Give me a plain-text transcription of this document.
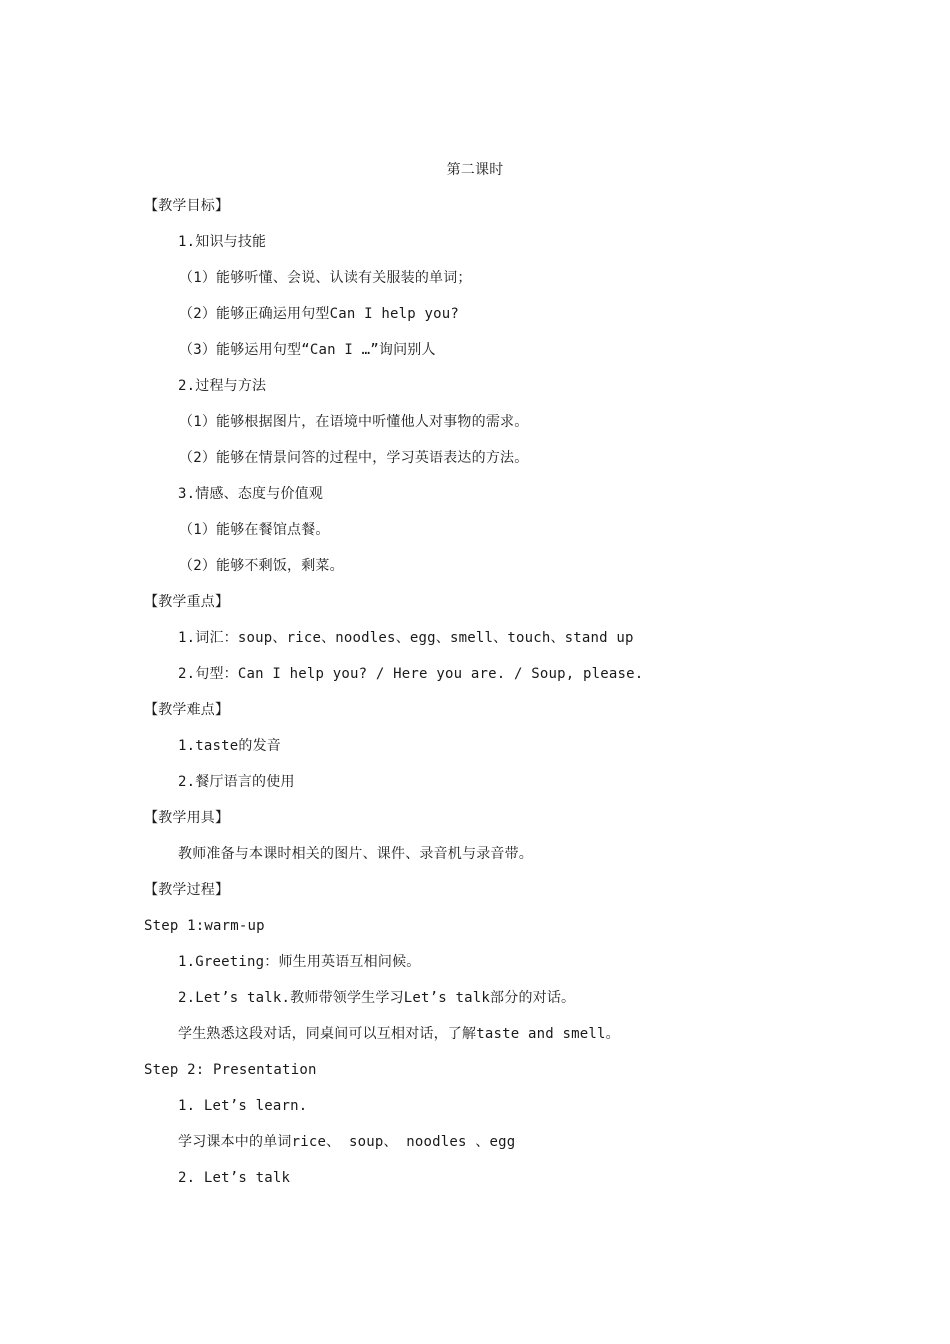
第二课时
【教学目标】
1.知识与技能
（1）能够听懂、会说、认读有关服装的单词；
（2）能够正确运用句型Can I help you?
（3）能够运用句型“Can I …”询问别人
2.过程与方法
（1）能够根据图片，在语境中听懂他人对事物的需求。
（2）能够在情景问答的过程中，学习英语表达的方法。
3.情感、态度与价值观
（1）能够在餐馆点餐。
（2）能够不剩饭，剩菜。
【教学重点】
1.词汇：soup、rice、noodles、egg、smell、touch、stand up
2.句型：Can I help you? / Here you are. / Soup, please.
【教学难点】
1.taste的发音
2.餐厅语言的使用
【教学用具】
教师准备与本课时相关的图片、课件、录音机与录音带。
【教学过程】
Step 1:warm-up
1.Greeting：师生用英语互相问候。
2.Let’s talk.教师带领学生学习Let’s talk部分的对话。
学生熟悉这段对话，同桌间可以互相对话，了解taste and smell。
Step 2: Presentation
1. Let’s learn.
学习课本中的单词rice、 soup、 noodles 、egg
2. Let’s talk
